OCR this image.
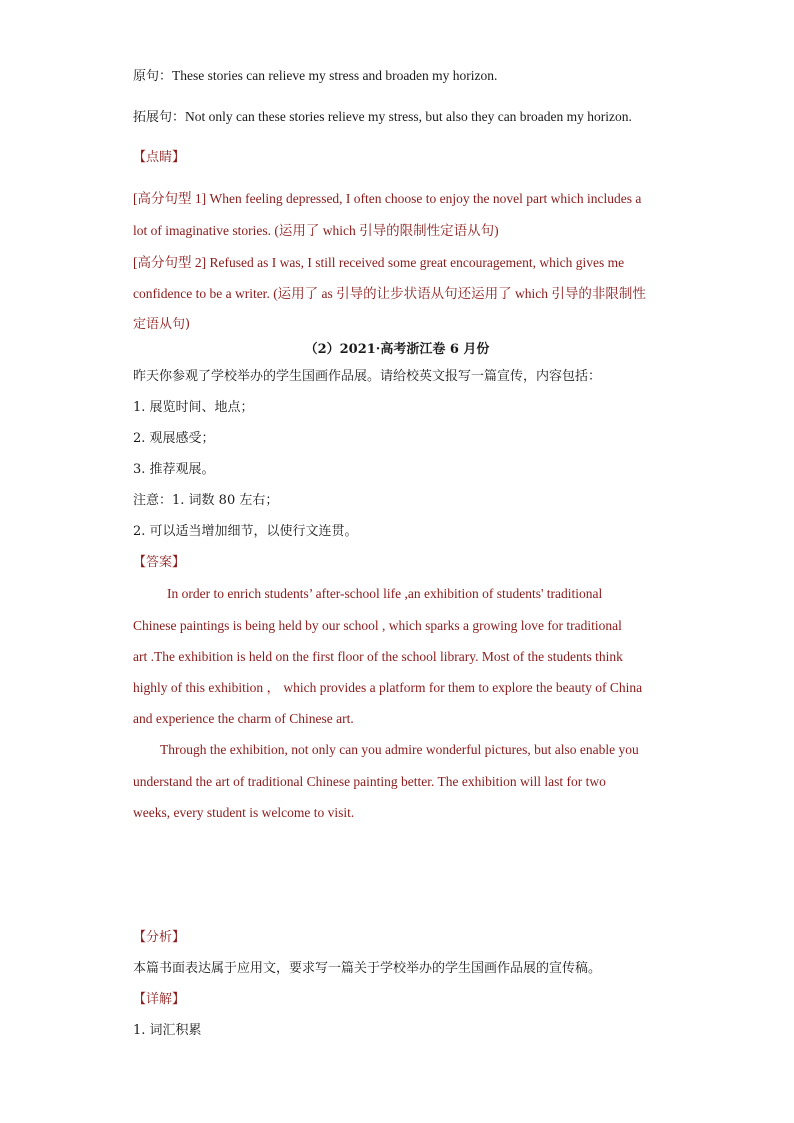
原句：These stories can relieve my stress and broaden my horizon.
拓展句：Not only can these stories relieve my stress, but also they can broaden my horizon.
【点睛】
[高分句型 1] When feeling depressed, I often choose to enjoy the novel part which includes a
lot of imaginative stories. (运用了 which 引导的限制性定语从句)
[高分句型 2] Refused as I was, I still received some great encouragement, which gives me
confidence to be a writer. (运用了 as 引导的让步状语从句还运用了 which 引导的非限制性
定语从句)
（2）2021·高考浙江卷 6 月份
昨天你参观了学校举办的学生国画作品展。请给校英文报写一篇宣传，内容包括：
1. 展览时间、地点；
2. 观展感受；
3. 推荐观展。
注意：1. 词数 80 左右；
2. 可以适当增加细节，以使行文连贯。
【答案】
In order to enrich students’ after-school life ,an exhibition of students' traditional
Chinese paintings is being held by our school , which sparks a growing love for traditional
art .The exhibition is held on the first floor of the school library. Most of the students think
highly of this exhibition ， which provides a platform for them to explore the beauty of China
and experience the charm of Chinese art.
Through the exhibition, not only can you admire wonderful pictures, but also enable you
understand the art of traditional Chinese painting better. The exhibition will last for two
weeks, every student is welcome to visit.
【分析】
本篇书面表达属于应用文，要求写一篇关于学校举办的学生国画作品展的宣传稿。
【详解】
1. 词汇积累
